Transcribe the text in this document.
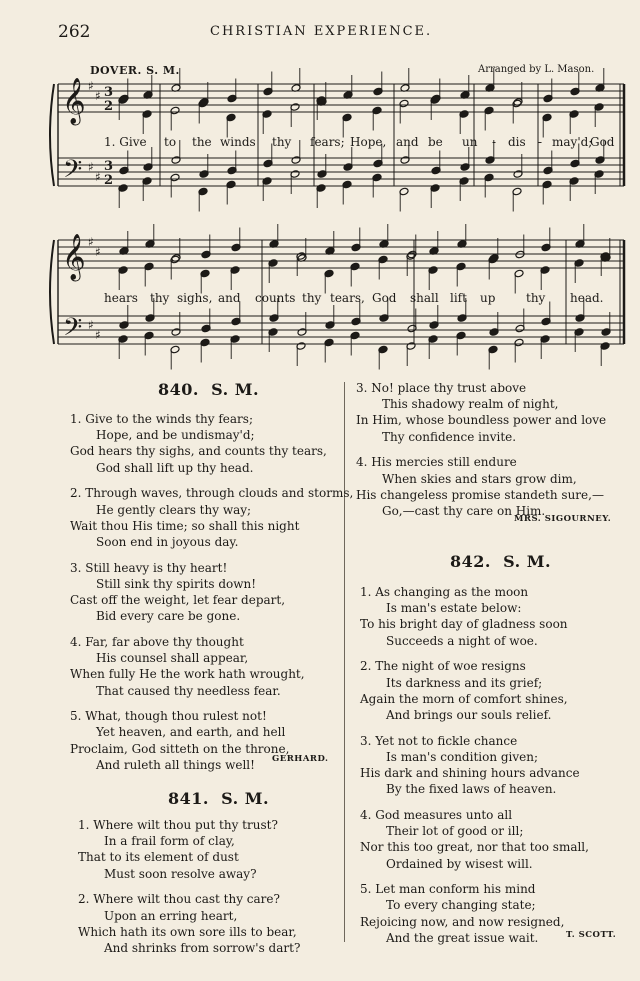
262	CHRISTIAN EXPERIENCE.
DOVER. S. M.	Arranged by L. Mason.
𝄞
𝄢
♯
♯
♯
♯
3
2
3
2
𝄞
𝄢
♯
♯
♯
♯
1. Give to the winds thy fears; Hope, and be un - dis - may'd;
God
hears thy sighs, and counts thy tears, God shall lift up	thy head.
840. S. M.
1. Give to the winds thy fears;
Hope, and be undismay'd;
God hears thy sighs, and counts thy tears,
God shall lift up thy head.
2. Through waves, through clouds and storms,
He gently clears thy way;
Wait thou His time; so shall this night
Soon end in joyous day.
3. Still heavy is thy heart!
Still sink thy spirits down!
Cast off the weight, let fear depart,
Bid every care be gone.
4. Far, far above thy thought
His counsel shall appear,
When fully He the work hath wrought,
That caused thy needless fear.
5. What, though thou rulest not!
Yet heaven, and earth, and hell
Proclaim, God sitteth on the throne,
And ruleth all things well!	GERHARD.
841. S. M.
1. Where wilt thou put thy trust?
In a frail form of clay,
That to its element of dust
Must soon resolve away?
2. Where wilt thou cast thy care?
Upon an erring heart,
Which hath its own sore ills to bear,
And shrinks from sorrow's dart?
3. No! place thy trust above
This shadowy realm of night,
In Him, whose boundless power and love
Thy confidence invite.
4. His mercies still endure
When skies and stars grow dim,
His changeless promise standeth sure,—
Go,—cast thy care on Him.
MRS. SIGOURNEY.
842. S. M.
1. As changing as the moon
Is man's estate below:
To his bright day of gladness soon
Succeeds a night of woe.
2. The night of woe resigns
Its darkness and its grief;
Again the morn of comfort shines,
And brings our souls relief.
3. Yet not to fickle chance
Is man's condition given;
His dark and shining hours advance
By the fixed laws of heaven.
4. God measures unto all
Their lot of good or ill;
Nor this too great, nor that too small,
Ordained by wisest will.
5. Let man conform his mind
To every changing state;
Rejoicing now, and now resigned,
And the great issue wait.	T. SCOTT.
